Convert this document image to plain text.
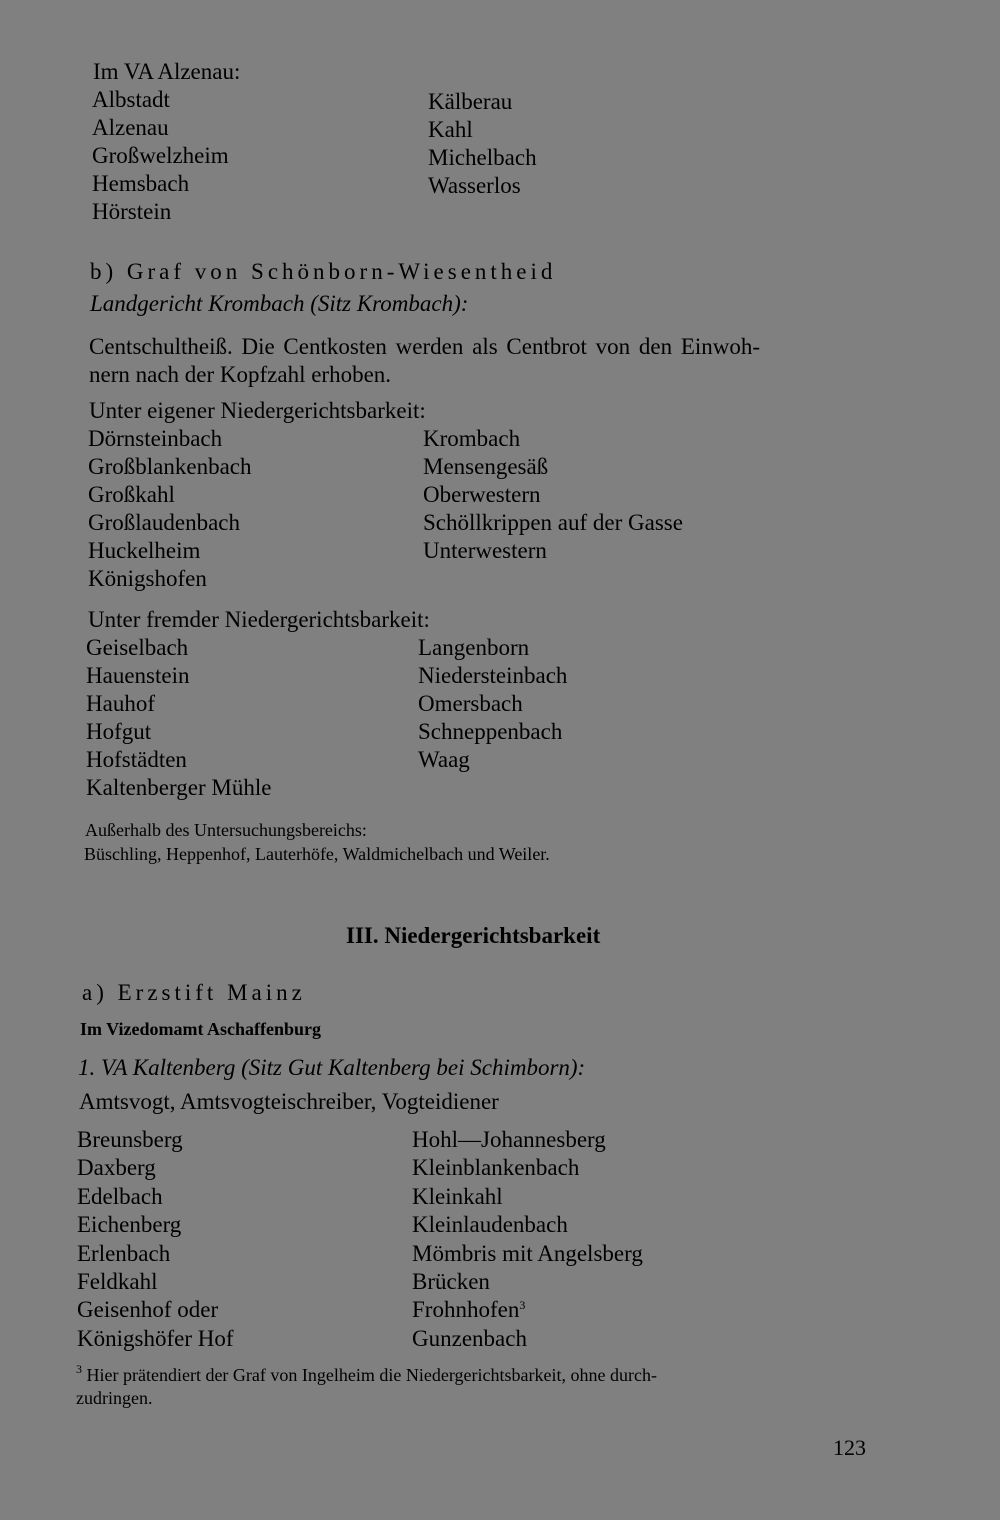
Im VA Alzenau:
Albstadt
Alzenau
Großwelzheim
Hemsbach
Hörstein
Kälberau
Kahl
Michelbach
Wasserlos
b) Graf von Schönborn-Wiesentheid
Landgericht Krombach (Sitz Krombach):
Centschultheiß. Die Centkosten werden als Centbrot von den Einwoh-
nern nach der Kopfzahl erhoben.
Unter eigener Niedergerichtsbarkeit:
Dörnsteinbach
Großblankenbach
Großkahl
Großlaudenbach
Huckelheim
Königshofen
Krombach
Mensengesäß
Oberwestern
Schöllkrippen auf der Gasse
Unterwestern
Unter fremder Niedergerichtsbarkeit:
Geiselbach
Hauenstein
Hauhof
Hofgut
Hofstädten
Kaltenberger Mühle
Langenborn
Niedersteinbach
Omersbach
Schneppenbach
Waag
Außerhalb des Untersuchungsbereichs:
Büschling, Heppenhof, Lauterhöfe, Waldmichelbach und Weiler.
III. Niedergerichtsbarkeit
a) Erzstift Mainz
Im Vizedomamt Aschaffenburg
1. VA Kaltenberg (Sitz Gut Kaltenberg bei Schimborn):
Amtsvogt, Amtsvogteischreiber, Vogteidiener
Breunsberg
Daxberg
Edelbach
Eichenberg
Erlenbach
Feldkahl
Geisenhof oder
Königshöfer Hof
Hohl—Johannesberg
Kleinblankenbach
Kleinkahl
Kleinlaudenbach
Mömbris mit Angelsberg
Brücken
Frohnhofen$^3$
Gunzenbach
$^3$ Hier prätendiert der Graf von Ingelheim die Niedergerichtsbarkeit, ohne durch-
zudringen.
123
